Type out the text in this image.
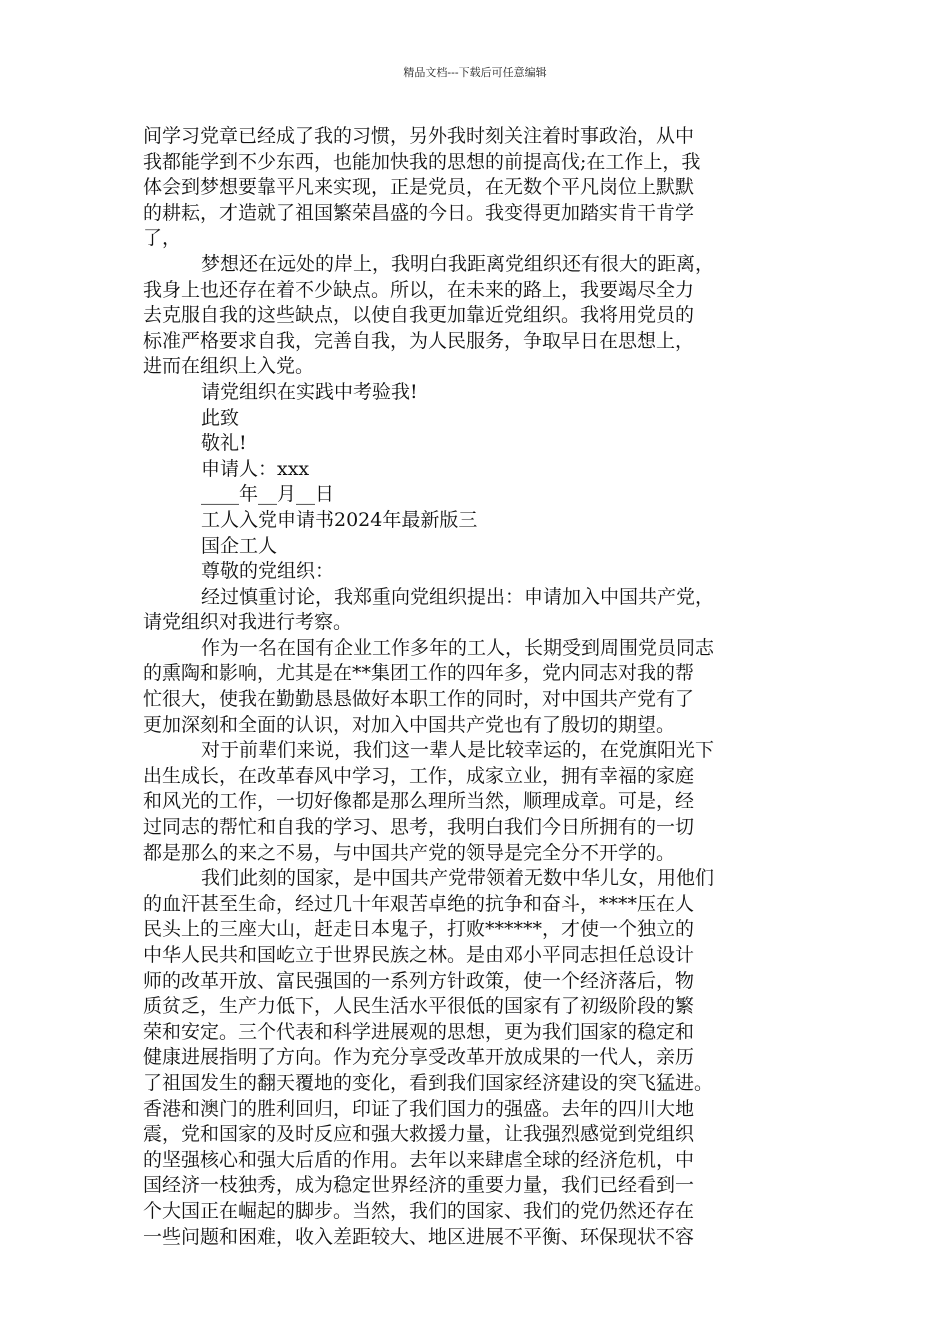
精品文档---下载后可任意编辑
间学习党章已经成了我的习惯，另外我时刻关注着时事政治，从中
我都能学到不少东西，也能加快我的思想的前提高伐;在工作上，我
体会到梦想要靠平凡来实现，正是党员，在无数个平凡岗位上默默
的耕耘，才造就了祖国繁荣昌盛的今日。我变得更加踏实肯干肯学
了，
梦想还在远处的岸上，我明白我距离党组织还有很大的距离，
我身上也还存在着不少缺点。所以，在未来的路上，我要竭尽全力
去克服自我的这些缺点，以使自我更加靠近党组织。我将用党员的
标准严格要求自我，完善自我，为人民服务，争取早日在思想上，
进而在组织上入党。
请党组织在实践中考验我!
此致
敬礼!
申请人：xxx
____年__月__日
工人入党申请书2024年最新版三
国企工人
尊敬的党组织：
经过慎重讨论，我郑重向党组织提出：申请加入中国共产党，
请党组织对我进行考察。
作为一名在国有企业工作多年的工人，长期受到周围党员同志
的熏陶和影响，尤其是在**集团工作的四年多，党内同志对我的帮
忙很大，使我在勤勤恳恳做好本职工作的同时，对中国共产党有了
更加深刻和全面的认识，对加入中国共产党也有了殷切的期望。
对于前辈们来说，我们这一辈人是比较幸运的，在党旗阳光下
出生成长，在改革春风中学习，工作，成家立业，拥有幸福的家庭
和风光的工作，一切好像都是那么理所当然，顺理成章。可是，经
过同志的帮忙和自我的学习、思考，我明白我们今日所拥有的一切
都是那么的来之不易，与中国共产党的领导是完全分不开学的。
我们此刻的国家，是中国共产党带领着无数中华儿女，用他们
的血汗甚至生命，经过几十年艰苦卓绝的抗争和奋斗，****压在人
民头上的三座大山，赶走日本鬼子，打败******，才使一个独立的
中华人民共和国屹立于世界民族之林。是由邓小平同志担任总设计
师的改革开放、富民强国的一系列方针政策，使一个经济落后，物
质贫乏，生产力低下，人民生活水平很低的国家有了初级阶段的繁
荣和安定。三个代表和科学进展观的思想，更为我们国家的稳定和
健康进展指明了方向。作为充分享受改革开放成果的一代人，亲历
了祖国发生的翻天覆地的变化，看到我们国家经济建设的突飞猛进。
香港和澳门的胜利回归，印证了我们国力的强盛。去年的四川大地
震，党和国家的及时反应和强大救援力量，让我强烈感觉到党组织
的坚强核心和强大后盾的作用。去年以来肆虐全球的经济危机，中
国经济一枝独秀，成为稳定世界经济的重要力量，我们已经看到一
个大国正在崛起的脚步。当然，我们的国家、我们的党仍然还存在
一些问题和困难，收入差距较大、地区进展不平衡、环保现状不容
